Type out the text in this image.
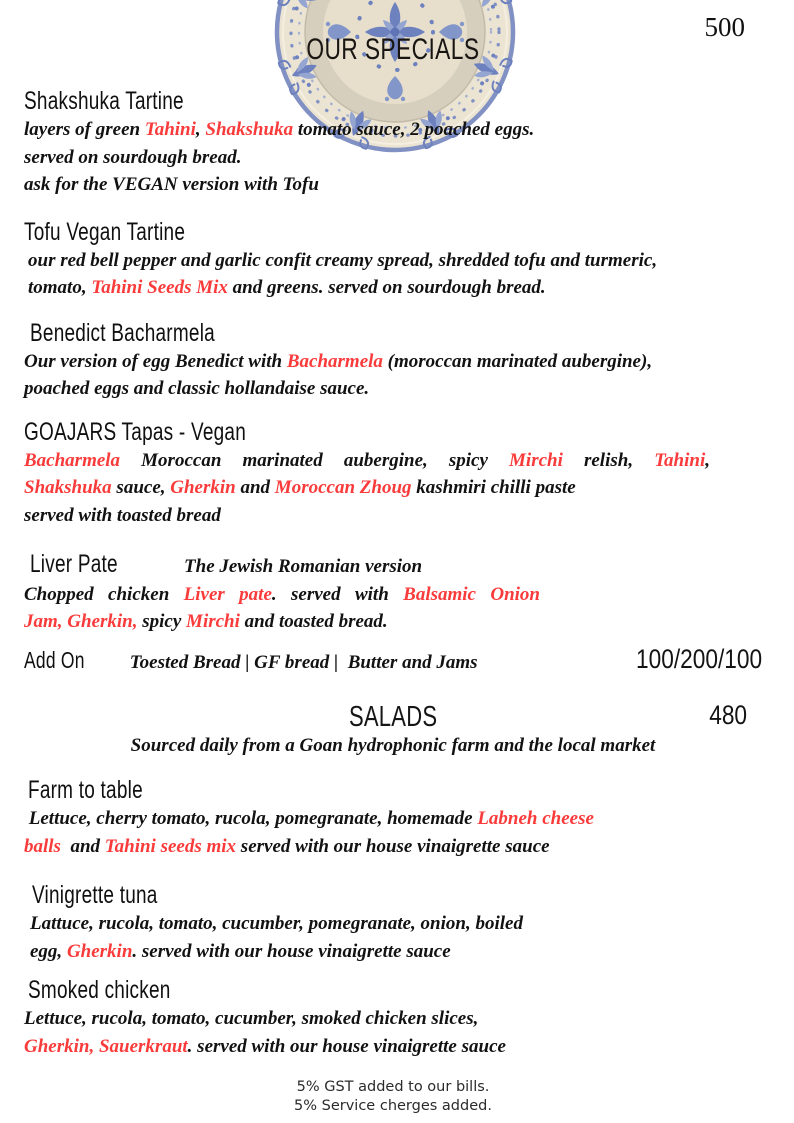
OUR SPECIALS
500
Shakshuka Tartine
layers of green Tahini, Shakshuka tomato sauce, 2 poached eggs.
served on sourdough bread.
ask for the VEGAN version with Tofu
Tofu Vegan Tartine
our red bell pepper and garlic confit creamy spread, shredded tofu and turmeric,
tomato, Tahini Seeds Mix and greens. served on sourdough bread.
Benedict Bacharmela
Our version of egg Benedict with Bacharmela (moroccan marinated aubergine),
poached eggs and classic hollandaise sauce.
GOAJARS Tapas - Vegan
Bacharmela Moroccan marinated aubergine, spicy Mirchi relish, Tahini,
Shakshuka sauce, Gherkin and Moroccan Zhoug kashmiri chilli paste
served with toasted bread
Liver Pate	The Jewish Romanian version
Chopped chicken Liver pate. served with Balsamic Onion
Jam, Gherkin, spicy Mirchi and toasted bread.
Add On Toested Bread | GF bread |  Butter and Jams	100/200/100
SALADS	480
Sourced daily from a Goan hydrophonic farm and the local market
Farm to table
Lettuce, cherry tomato, rucola, pomegranate, homemade Labneh cheese
balls  and Tahini seeds mix served with our house vinaigrette sauce
Vinigrette tuna
Lattuce, rucola, tomato, cucumber, pomegranate, onion, boiled
egg, Gherkin. served with our house vinaigrette sauce
Smoked chicken
Lettuce, rucola, tomato, cucumber, smoked chicken slices,
Gherkin, Sauerkraut. served with our house vinaigrette sauce
5% GST added to our bills.
5% Service cherges added.
